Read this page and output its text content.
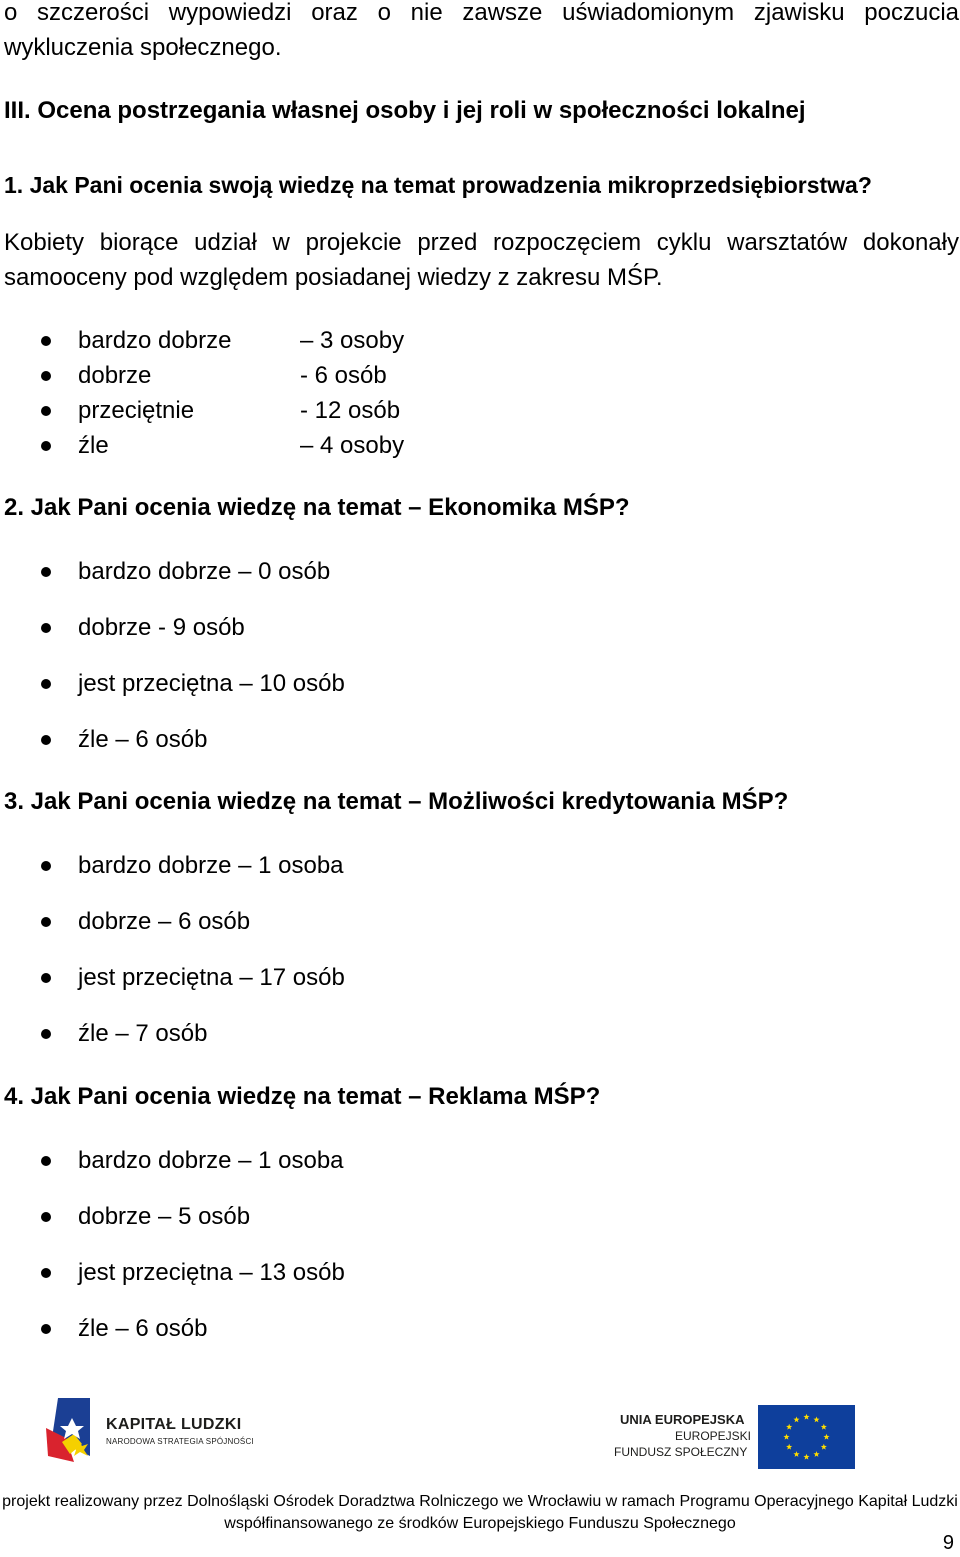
o szczerości wypowiedzi oraz o nie zawsze uświadomionym zjawisku poczucia

wykluczenia społecznego.

III. Ocena postrzegania własnej osoby i jej roli w społeczności lokalnej
1. Jak Pani ocenia swoją wiedzę na temat prowadzenia mikroprzedsiębiorstwa?

Kobiety biorące udział w projekcie przed rozpoczęciem cyklu warsztatów dokonały

samooceny pod względem posiadanej wiedzy z zakresu MŚP.

bardzo dobrze	– 3 osoby
dobrze	- 6 osób
przeciętnie	- 12 osób
źle	– 4 osoby
2. Jak Pani ocenia wiedzę na temat – Ekonomika MŚP?
bardzo dobrze – 0 osób
dobrze - 9 osób
jest przeciętna – 10 osób
źle – 6 osób
3. Jak Pani ocenia wiedzę na temat – Możliwości kredytowania MŚP?
bardzo dobrze – 1 osoba
dobrze – 6 osób
jest przeciętna – 17 osób
źle – 7 osób
4. Jak Pani ocenia wiedzę na temat – Reklama MŚP?
bardzo dobrze – 1 osoba
dobrze – 5 osób
jest przeciętna – 13 osób
źle – 6 osób
KAPITAŁ LUDZKI
NARODOWA STRATEGIA SPÓJNOŚCI
UNIA EUROPEJSKA
EUROPEJSKI
FUNDUSZ SPOŁECZNY
projekt realizowany przez Dolnośląski Ośrodek Doradztwa Rolniczego we Wrocławiu w ramach Programu Operacyjnego Kapitał Ludzki
współfinansowanego ze środków Europejskiego Funduszu Społecznego
9
